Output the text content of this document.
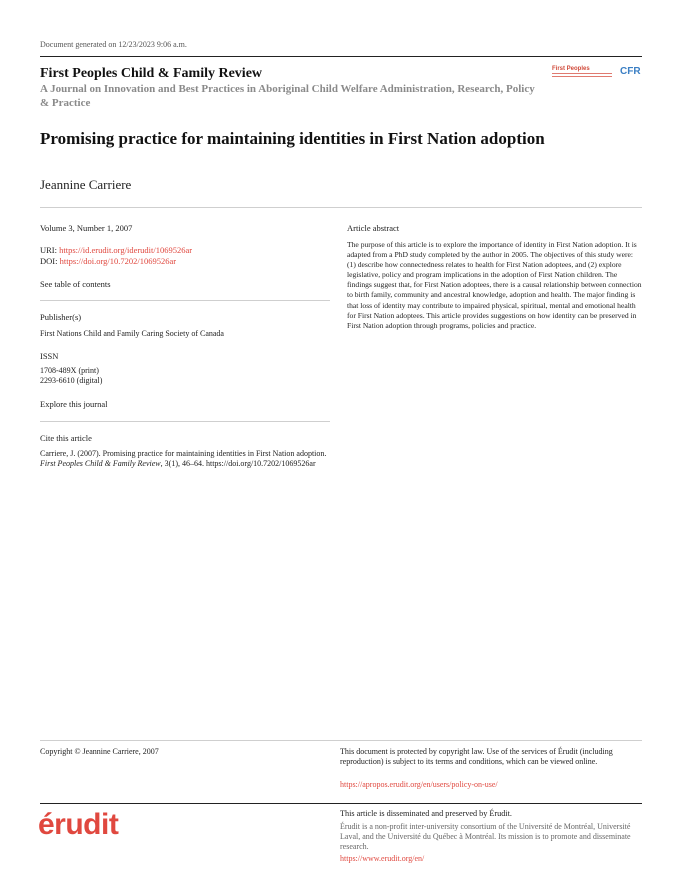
Document generated on 12/23/2023 9:06 a.m.
First Peoples Child & Family Review
A Journal on Innovation and Best Practices in Aboriginal Child Welfare Administration, Research, Policy & Practice
First Peoples	CFR
Promising practice for maintaining identities in First Nation adoption
Jeannine Carriere
Volume 3, Number 1, 2007
URI: https://id.erudit.org/iderudit/1069526ar
DOI: https://doi.org/10.7202/1069526ar
See table of contents
Publisher(s)
First Nations Child and Family Caring Society of Canada
ISSN
1708-489X (print)
2293-6610 (digital)
Explore this journal
Cite this article
Carriere, J. (2007). Promising practice for maintaining identities in First Nation adoption. First Peoples Child & Family Review, 3(1), 46–64. https://doi.org/10.7202/1069526ar
Article abstract
The purpose of this article is to explore the importance of identity in First Nation adoption. It is adapted from a PhD study completed by the author in 2005. The objectives of this study were: (1) describe how connectedness relates to health for First Nation adoptees, and (2) explore legislative, policy and program implications in the adoption of First Nation children. The findings suggest that, for First Nation adoptees, there is a causal relationship between connection to birth family, community and ancestral knowledge, adoption and health. The major finding is that loss of identity may contribute to impaired physical, spiritual, mental and emotional health for First Nation adoptees. This article provides suggestions on how identity can be preserved in First Nation adoption through programs, policies and practice.
Copyright © Jeannine Carriere, 2007	This document is protected by copyright law. Use of the services of Érudit (including reproduction) is subject to its terms and conditions, which can be viewed online.
https://apropos.erudit.org/en/users/policy-on-use/
érudit	This article is disseminated and preserved by Érudit.
Érudit is a non-profit inter-university consortium of the Université de Montréal, Université Laval, and the Université du Québec à Montréal. Its mission is to promote and disseminate research.
https://www.erudit.org/en/
